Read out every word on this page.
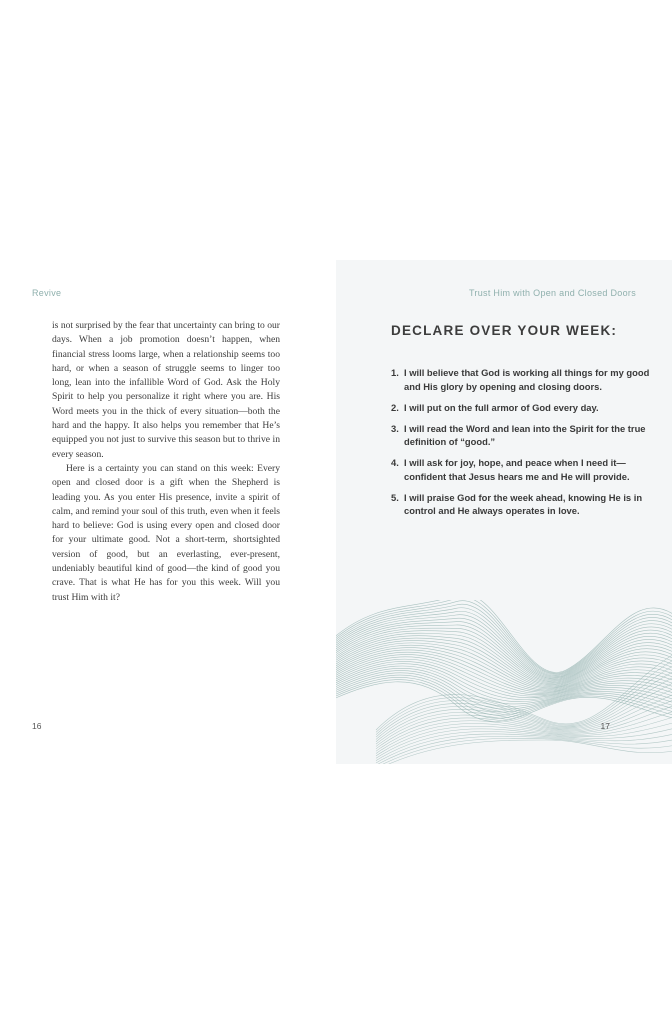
Revive

is not surprised by the fear that uncertainty can bring to our days. When a job promotion doesn’t happen, when financial stress looms large, when a relationship seems too hard, or when a season of struggle seems to linger too long, lean into the infallible Word of God. Ask the Holy Spirit to help you personalize it right where you are. His Word meets you in the thick of every situation—both the hard and the happy. It also helps you remember that He’s equipped you not just to survive this season but to thrive in every season.

Here is a certainty you can stand on this week: Every open and closed door is a gift when the Shepherd is leading you. As you enter His presence, invite a spirit of calm, and remind your soul of this truth, even when it feels hard to believe: God is using every open and closed door for your ultimate good. Not a short-term, shortsighted version of good, but an everlasting, ever-present, undeniably beautiful kind of good—the kind of good you crave. That is what He has for you this week. Will you trust Him with it?

16
Trust Him with Open and Closed Doors
DECLARE OVER YOUR WEEK:
1. I will believe that God is working all things for my good and His glory by opening and closing doors.
2. I will put on the full armor of God every day.
3. I will read the Word and lean into the Spirit for the true definition of “good.”
4. I will ask for joy, hope, and peace when I need it—confident that Jesus hears me and He will provide.
5. I will praise God for the week ahead, knowing He is in control and He always operates in love.
17
